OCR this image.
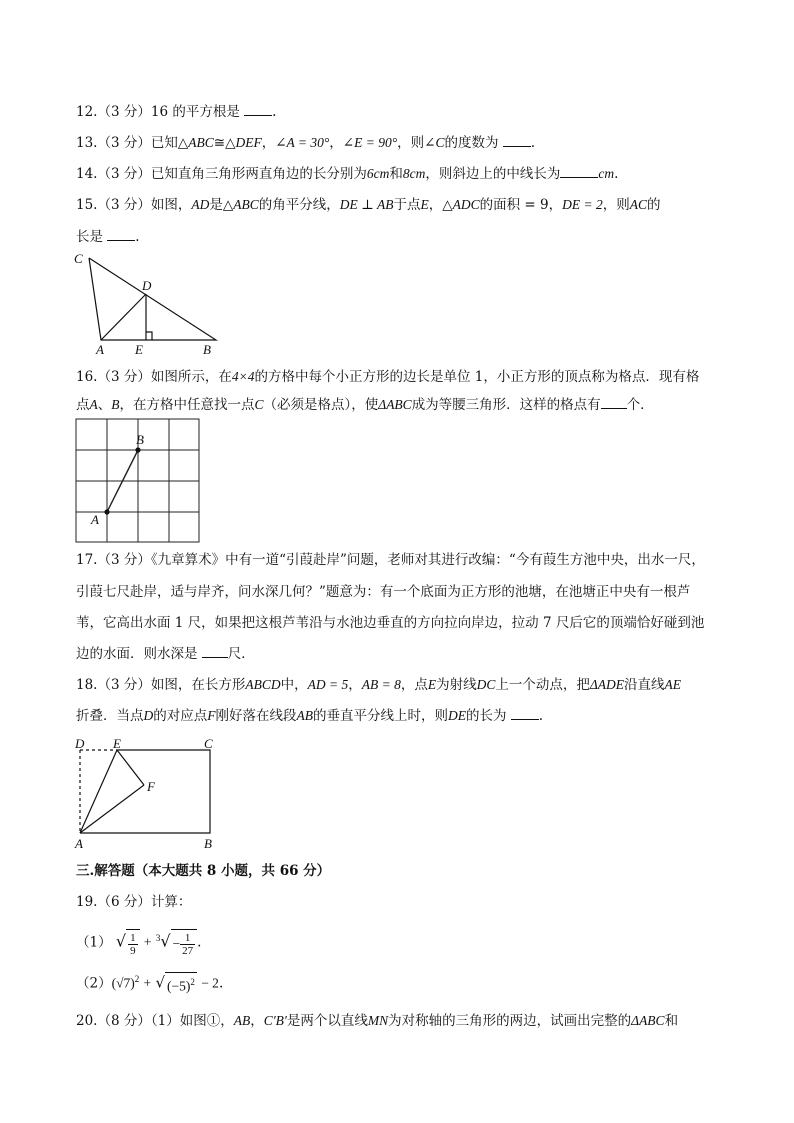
12.（3 分）16 的平方根是 .
13.（3 分）已知△ABC≅△DEF，∠A = 30°，∠E = 90°，则∠C的度数为 .
14.（3 分）已知直角三角形两直角边的长分别为6cm和8cm，则斜边上的中线长为	cm.
15.（3 分）如图，AD是△ABC的角平分线，DE ⊥ AB于点E，△ADC的面积 = 9，DE = 2，则AC的
长是 .
C
D
A E	B
16.（3 分）如图所示，在4×4的方格中每个小正方形的边长是单位 1，小正方形的顶点称为格点．现有格
点A、B，在方格中任意找一点C（必须是格点），使ΔABC成为等腰三角形．这样的格点有 个．
A
B
17.（3 分）《九章算术》中有一道“引葭赴岸”问题，老师对其进行改编：“今有葭生方池中央，出水一尺，
引葭七尺赴岸，适与岸齐，问水深几何？”题意为：有一个底面为正方形的池塘，在池塘正中央有一根芦
苇，它高出水面 1 尺，如果把这根芦苇沿与水池边垂直的方向拉向岸边，拉动 7 尺后它的顶端恰好碰到池
边的水面．则水深是 尺．
18.（3 分）如图，在长方形ABCD中，AD = 5，AB = 8，点E为射线DC上一个动点，把ΔADE沿直线AE
折叠．当点D的对应点F刚好落在线段AB的垂直平分线上时，则DE的长为 .
D E	C
F
A	B
三.解答题（本大题共 8 小题，共 66 分）
19.（6 分）计算：
（1） √ $\frac{1}{9} + ^3√ - \frac{1}{27}$ .
$(2)(√7)^2$ + √ $(-5)^2 - 2$.
20.（8 分）（1）如图①，AB，C′B′是两个以直线MN为对称轴的三角形的两边，试画出完整的ΔABC和
